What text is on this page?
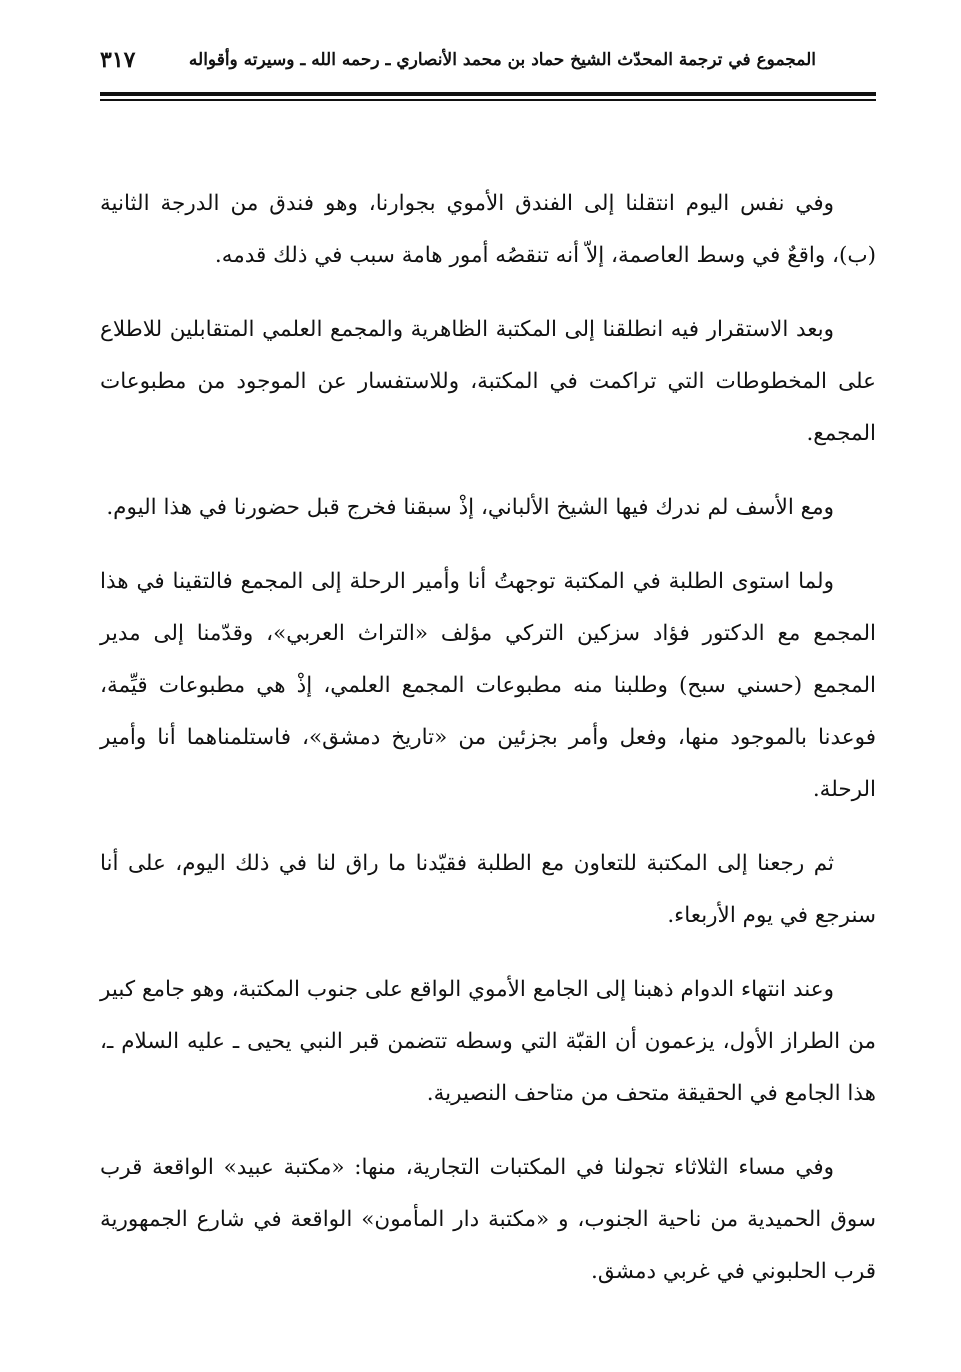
المجموع في ترجمة المحدّث الشيخ حماد بن محمد الأنصاري ـ رحمه الله ـ وسيرته وأقواله
٣١٧

وفي نفس اليوم انتقلنا إلى الفندق الأموي بجوارنا، وهو فندق من الدرجة الثانية (ب)، واقعٌ في وسط العاصمة، إلاّ أنه تنقصُه أمور هامة سبب في ذلك قدمه.

وبعد الاستقرار فيه انطلقنا إلى المكتبة الظاهرية والمجمع العلمي المتقابلين للاطلاع على المخطوطات التي تراكمت في المكتبة، وللاستفسار عن الموجود من مطبوعات المجمع.

ومع الأسف لم ندرك فيها الشيخ الألباني، إذْ سبقنا فخرج قبل حضورنا في هذا اليوم.

ولما استوى الطلبة في المكتبة توجهتُ أنا وأمير الرحلة إلى المجمع فالتقينا في هذا المجمع مع الدكتور فؤاد سزكين التركي مؤلف «التراث العربي»، وقدّمنا إلى مدير المجمع (حسني سبح) وطلبنا منه مطبوعات المجمع العلمي، إذْ هي مطبوعات قيِّمة، فوعدنا بالموجود منها، وفعل وأمر بجزئين من «تاريخ دمشق»، فاستلمناهما أنا وأمير الرحلة.

ثم رجعنا إلى المكتبة للتعاون مع الطلبة فقيّدنا ما راق لنا في ذلك اليوم، على أنا سنرجع في يوم الأربعاء.

وعند انتهاء الدوام ذهبنا إلى الجامع الأموي الواقع على جنوب المكتبة، وهو جامع كبير من الطراز الأول، يزعمون أن القبّة التي وسطه تتضمن قبر النبي يحيى ـ عليه السلام ـ، هذا الجامع في الحقيقة متحف من متاحف النصيرية.

وفي مساء الثلاثاء تجولنا في المكتبات التجارية، منها: «مكتبة عبيد» الواقعة قرب سوق الحميدية من ناحية الجنوب، و «مكتبة دار المأمون» الواقعة في شارع الجمهورية قرب الحلبوني في غربي دمشق.
